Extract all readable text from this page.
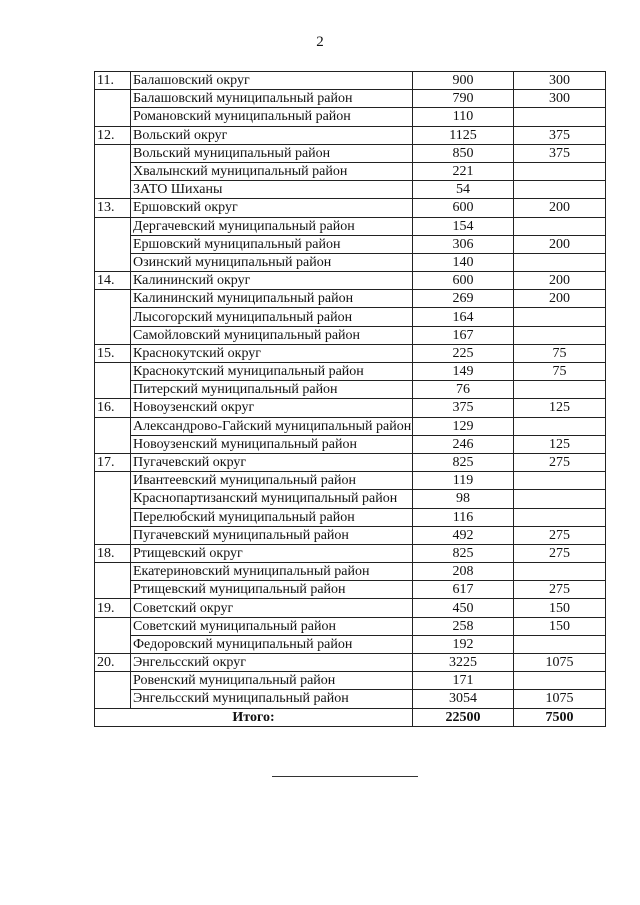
2
11.	Балашовский округ	900	300
	Балашовский муниципальный район	790	300
	Романовский муниципальный район	110	
12.	Вольский округ	1125	375
	Вольский муниципальный район	850	375
	Хвалынский муниципальный район	221	
	ЗАТО Шиханы	54	
13.	Ершовский округ	600	200
	Дергачевский муниципальный район	154	
	Ершовский муниципальный район	306	200
	Озинский муниципальный район	140	
14.	Калининский округ	600	200
	Калининский муниципальный район	269	200
	Лысогорский муниципальный район	164	
	Самойловский муниципальный район	167	
15.	Краснокутский округ	225	75
	Краснокутский муниципальный район	149	75
	Питерский муниципальный район	76	
16.	Новоузенский округ	375	125
	Александрово-Гайский муниципальный район	129	
	Новоузенский муниципальный район	246	125
17.	Пугачевский округ	825	275
	Ивантеевский муниципальный район	119	
	Краснопартизанский муниципальный район	98	
	Перелюбский муниципальный район	116	
	Пугачевский муниципальный район	492	275
18.	Ртищевский округ	825	275
	Екатериновский муниципальный район	208	
	Ртищевский муниципальный район	617	275
19.	Советский округ	450	150
	Советский муниципальный район	258	150
	Федоровский муниципальный район	192	
20.	Энгельсский округ	3225	1075
	Ровенский муниципальный район	171	
	Энгельсский муниципальный район	3054	1075
Итого:		22500	7500
